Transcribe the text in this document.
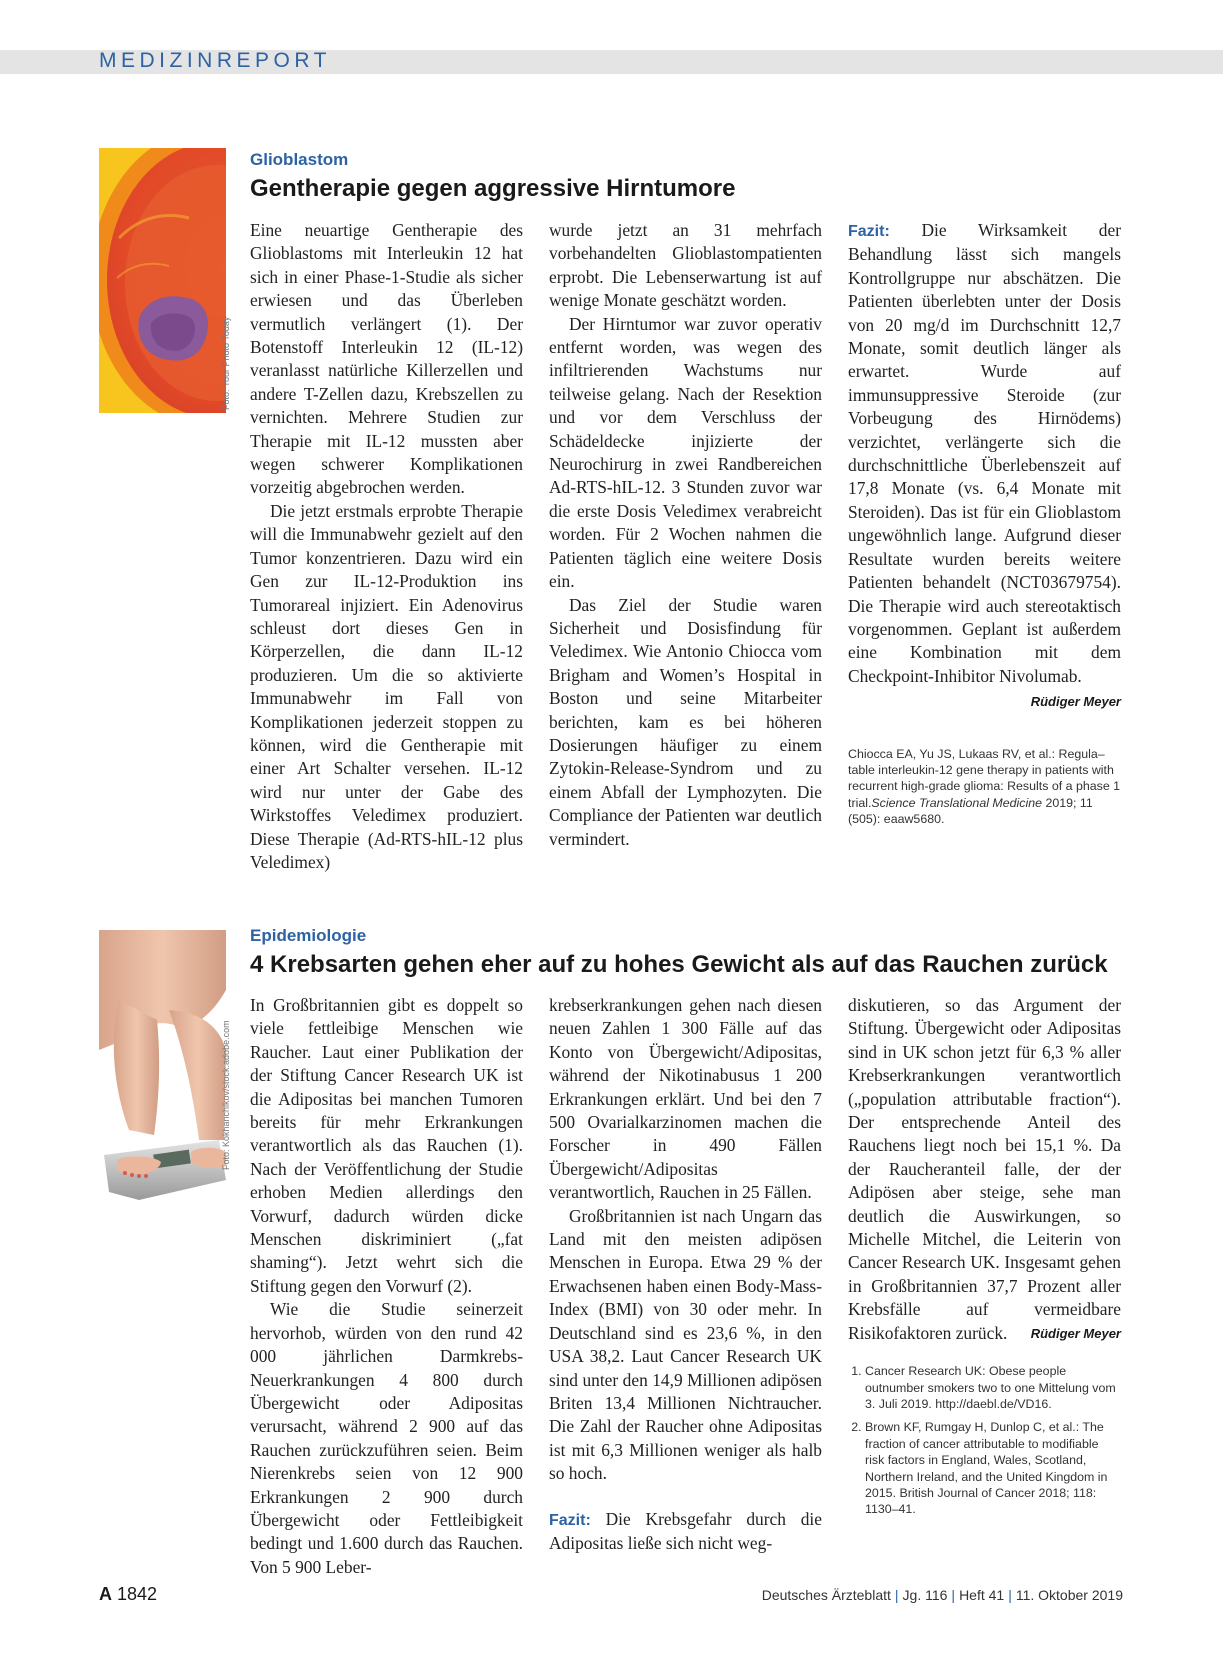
MEDIZINREPORT
Foto: Your Photo Today
Glioblastom
Gentherapie gegen aggressive Hirntumore

Eine neuartige Gentherapie des Glioblastoms mit Interleukin 12 hat sich in einer Phase-1-Studie als sicher erwiesen und das Überleben vermutlich verlängert (1). Der Botenstoff Interleukin 12 (IL-12) veranlasst natürliche Killerzellen und andere T-Zellen dazu, Krebszellen zu vernichten. Mehrere Studien zur Therapie mit IL-12 mussten aber wegen schwerer Komplikationen vorzeitig abgebrochen werden.

Die jetzt erstmals erprobte Therapie will die Immunabwehr gezielt auf den Tumor konzentrieren. Dazu wird ein Gen zur IL-12-Produktion ins Tumorareal injiziert. Ein Adenovirus schleust dort dieses Gen in Körperzellen, die dann IL-12 produzieren. Um die so aktivierte Immunabwehr im Fall von Komplikationen jederzeit stoppen zu können, wird die Gentherapie mit einer Art Schalter versehen. IL-12 wird nur unter der Gabe des Wirkstoffes Veledimex produziert. Diese Therapie (Ad-RTS-hIL-12 plus Veledimex)

wurde jetzt an 31 mehrfach vorbehandelten Glioblastompatienten erprobt. Die Lebenserwartung ist auf wenige Monate geschätzt worden.

Der Hirntumor war zuvor operativ entfernt worden, was wegen des infiltrierenden Wachstums nur teilweise gelang. Nach der Resektion und vor dem Verschluss der Schädeldecke injizierte der Neurochirurg in zwei Randbereichen Ad-RTS-hIL-12. 3 Stunden zuvor war die erste Dosis Veledimex verabreicht worden. Für 2 Wochen nahmen die Patienten täglich eine weitere Dosis ein.

Das Ziel der Studie waren Sicherheit und Dosisfindung für Veledimex. Wie Antonio Chiocca vom Brigham and Women’s Hospital in Boston und seine Mitarbeiter berichten, kam es bei höheren Dosierungen häufiger zu einem Zytokin-Release-Syndrom und zu einem Abfall der Lymphozyten. Die Compliance der Patienten war deutlich vermindert.

Fazit: Die Wirksamkeit der Behandlung lässt sich mangels Kontrollgruppe nur abschätzen. Die Patienten überlebten unter der Dosis von 20 mg/d im Durchschnitt 12,7 Monate, somit deutlich länger als erwartet. Wurde auf immunsuppressive Steroide (zur Vorbeugung des Hirnödems) verzichtet, verlängerte sich die durchschnittliche Überlebenszeit auf 17,8 Monate (vs. 6,4 Monate mit Steroiden). Das ist für ein Glioblastom ungewöhnlich lange. Aufgrund dieser Resultate wurden bereits weitere Patienten behandelt (NCT03679754). Die Therapie wird auch stereotaktisch vorgenommen. Geplant ist außerdem eine Kombination mit dem Checkpoint-Inhibitor Nivolumab.

Rüdiger Meyer
Chiocca EA, Yu JS, Lukaas RV, et al.: Regula–table interleukin-12 gene therapy in patients with recurrent high-grade glioma: Results of a phase 1 trial.Science Translational Medicine 2019; 11 (505): eaaw5680.
Foto: Kokhanchikov/stock.adobe.com
Epidemiologie
4 Krebsarten gehen eher auf zu hohes Gewicht als auf das Rauchen zurück

In Großbritannien gibt es doppelt so viele fettleibige Menschen wie Raucher. Laut einer Publikation der der Stiftung Cancer Research UK ist die Adipositas bei manchen Tumoren bereits für mehr Erkrankungen verantwortlich als das Rauchen (1). Nach der Veröffentlichung der Studie erhoben Medien allerdings den Vorwurf, dadurch würden dicke Menschen diskriminiert („fat shaming“). Jetzt wehrt sich die Stiftung gegen den Vorwurf (2).

Wie die Studie seinerzeit hervorhob, würden von den rund 42 000 jährlichen Darmkrebs-Neuerkrankungen 4 800 durch Übergewicht oder Adipositas verursacht, während 2 900 auf das Rauchen zurückzuführen seien. Beim Nierenkrebs seien von 12 900 Erkrankungen 2 900 durch Übergewicht oder Fettleibigkeit bedingt und 1.600 durch das Rauchen. Von 5 900 Leber-

krebserkrankungen gehen nach diesen neuen Zahlen 1 300 Fälle auf das Konto von Übergewicht/Adipositas, während der Nikotinabusus 1 200 Erkrankungen erklärt. Und bei den 7 500 Ovarialkarzinomen machen die Forscher in 490 Fällen Übergewicht/Adipositas verantwortlich, Rauchen in 25 Fällen.

Großbritannien ist nach Ungarn das Land mit den meisten adipösen Menschen in Europa. Etwa 29 % der Erwachsenen haben einen Body-Mass-Index (BMI) von 30 oder mehr. In Deutschland sind es 23,6 %, in den USA 38,2. Laut Cancer Research UK sind unter den 14,9 Millionen adipösen Briten 13,4 Millionen Nichtraucher. Die Zahl der Raucher ohne Adipositas ist mit 6,3 Millionen weniger als halb so hoch.

Fazit: Die Krebsgefahr durch die Adipositas ließe sich nicht weg-

diskutieren, so das Argument der Stiftung. Übergewicht oder Adipositas sind in UK schon jetzt für 6,3 % aller Krebserkrankungen verantwortlich („population attributable fraction“). Der entsprechende Anteil des Rauchens liegt noch bei 15,1 %. Da der Raucheranteil falle, der der Adipösen aber steige, sehe man deutlich die Auswirkungen, so Michelle Mitchel, die Leiterin von Cancer Research UK. Insgesamt gehen in Großbritannien 37,7 Prozent aller Krebsfälle auf vermeidbare Risikofaktoren zurück. Rüdiger Meyer

1. Cancer Research UK: Obese people outnumber smokers two to one Mittelung vom 3. Juli 2019. http://daebl.de/VD16.
2. Brown KF, Rumgay H, Dunlop C, et al.: The fraction of cancer attributable to modifiable risk factors in England, Wales, Scotland, Northern Ireland, and the United Kingdom in 2015. British Journal of Cancer 2018; 118: 1130–41.
A 1842	Deutsches Ärzteblatt | Jg. 116 | Heft 41 | 11. Oktober 2019
